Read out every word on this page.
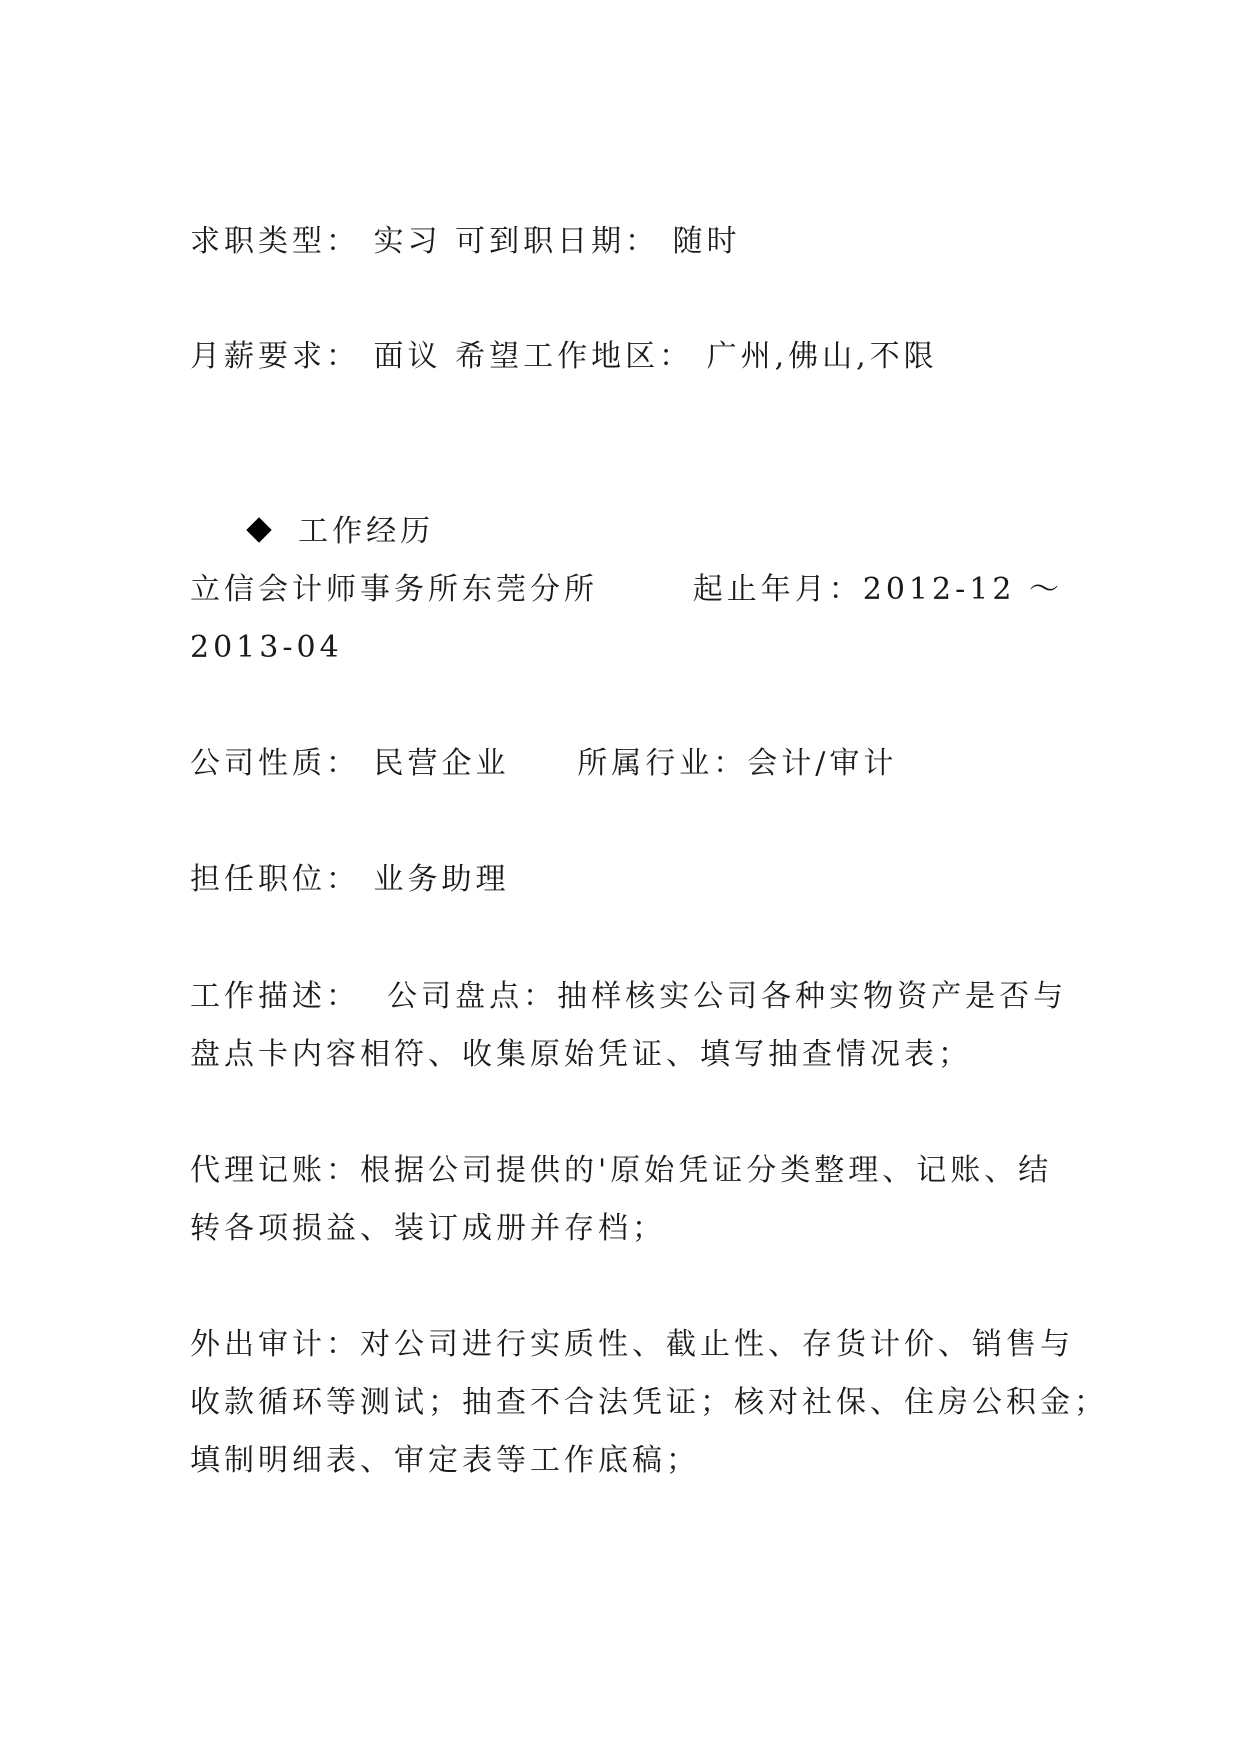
求职类型： 实习 可到职日期： 随时
月薪要求： 面议 希望工作地区： 广州,佛山,不限

工作经历

立信会计师事务所东莞分所       起止年月：2012-12 ～
2013-04
公司性质： 民营企业     所属行业：会计/审计
担任职位： 业务助理
工作描述：  公司盘点：抽样核实公司各种实物资产是否与
盘点卡内容相符、收集原始凭证、填写抽查情况表；
代理记账：根据公司提供的'原始凭证分类整理、记账、结
转各项损益、装订成册并存档；
外出审计：对公司进行实质性、截止性、存货计价、销售与
收款循环等测试；抽查不合法凭证；核对社保、住房公积金；
填制明细表、审定表等工作底稿；
